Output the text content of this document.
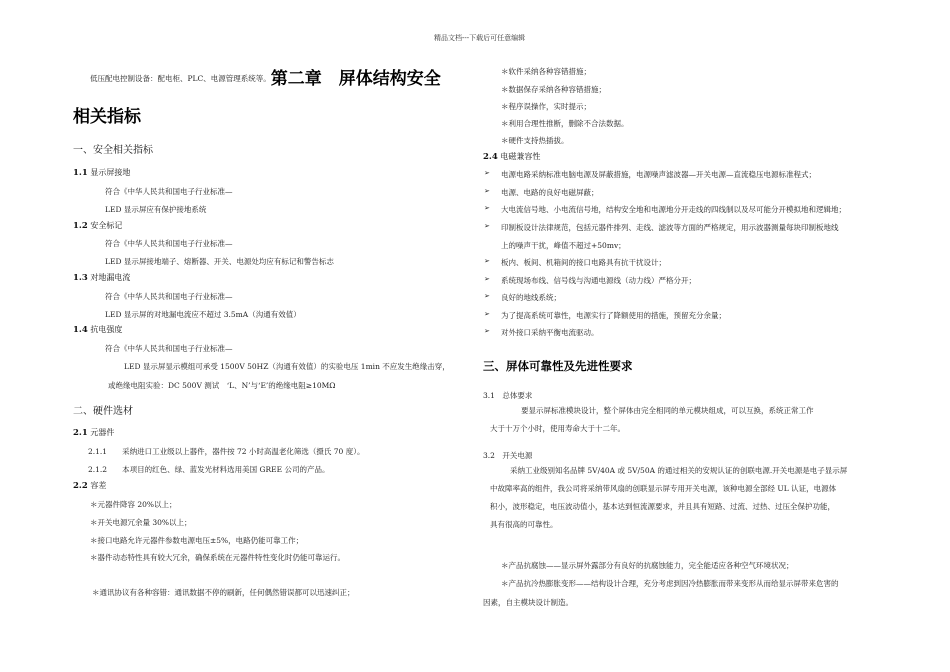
精品文档---下载后可任意编辑
低压配电控制设备：配电柜、PLC、电源管理系统等。第二章　屏体结构安全
相关指标
一、安全相关指标
1.1 显示屏接地
符合《中华人民共和国电子行业标准—
LED 显示屏应有保护接地系统
1.2 安全标记
符合《中华人民共和国电子行业标准—
LED 显示屏接地端子、熔断器、开关、电源处均应有标记和警告标志
1.3 对地漏电流
符合《中华人民共和国电子行业标准—
LED 显示屏的对地漏电流应不超过 3.5mA（沟通有效值）
1.4 抗电强度
符合《中华人民共和国电子行业标准—
LED 显示屏显示模组可承受 1500V 50HZ（沟通有效值）的实验电压 1min 不应发生绝缘击穿，
或绝缘电阻实验：DC 500V 测试　‘L、N’与‘E’的绝缘电阻≥10MΩ
二、硬件选材
2.1 元器件
2.1.1　　采纳进口工业级以上器件，器件按 72 小时高温老化筛选（摄氏 70 度）。
2.1.2　　本项目的红色、绿、蓝发光材料选用美国 GREE 公司的产品。
2.2 容差
＊元器件降容 20%以上；
＊开关电源冗余量 30%以上；
＊接口电路允许元器件参数电源电压±5%，电路仍能可靠工作；
＊器件动态特性具有较大冗余，确保系统在元器件特性变化时仍能可靠运行。
＊通讯协议有各种容错：通讯数据不停的刷新，任何偶然错误都可以迅速纠正；
＊软件采纳各种容错措施；
＊数据保存采纳各种容错措施；
＊程序误操作，实时提示；
＊利用合理性推断，删除不合法数据。
＊硬件支持热插拔。
2.4 电磁兼容性
➢ 电源电路采纳标准电脑电源及屏蔽措施，电源噪声滤波器—开关电源—直流稳压电源标准程式；
➢ 电源、电路的良好电磁屏蔽；
➢ 大电流信号地、小电流信号地，结构安全地和电源地分开走线的四线制以及尽可能分开模拟地和逻辑地；
➢ 印制板设计法律规范，包括元器件排列、走线、滤波等方面的严格规定，用示波器测量每块印制板地线
上的噪声干扰，峰值不超过+50mv；
➢ 板内、板间、机箱间的接口电路具有抗干扰设计；
➢ 系统现场布线、信号线与沟通电源线（动力线）严格分开；
➢ 良好的地线系统；
➢ 为了提高系统可靠性，电源实行了降额使用的措施，预留充分余量；
➢ 对外接口采纳平衡电流驱动。
三、屏体可靠性及先进性要求
3.1　总体要求
要显示屏标准模块设计，整个屏体由完全相同的单元模块组成，可以互换，系统正常工作
大于十万个小时，使用寿命大于十二年。
3.2　开关电源
采纳工业级别知名品牌 5V/40A 或 5V/50A 的通过相关的安规认证的创联电源.开关电源是电子显示屏
中故障率高的组件，我公司将采纳带风扇的创联显示屏专用开关电源，该种电源全部经 UL 认证，电源体
积小，波形稳定，电压波动值小，基本达到恒流源要求，并且具有短路、过流、过热、过压全保护功能，
具有很高的可靠性。
＊产品抗腐蚀——显示屏外露部分有良好的抗腐蚀能力，完全能适应各种空气环境状况；
＊产品抗冷热膨胀变形——结构设计合理，充分考虑到因冷热膨胀而带来变形从而给显示屏带来危害的
因素，自主模块设计制造。
